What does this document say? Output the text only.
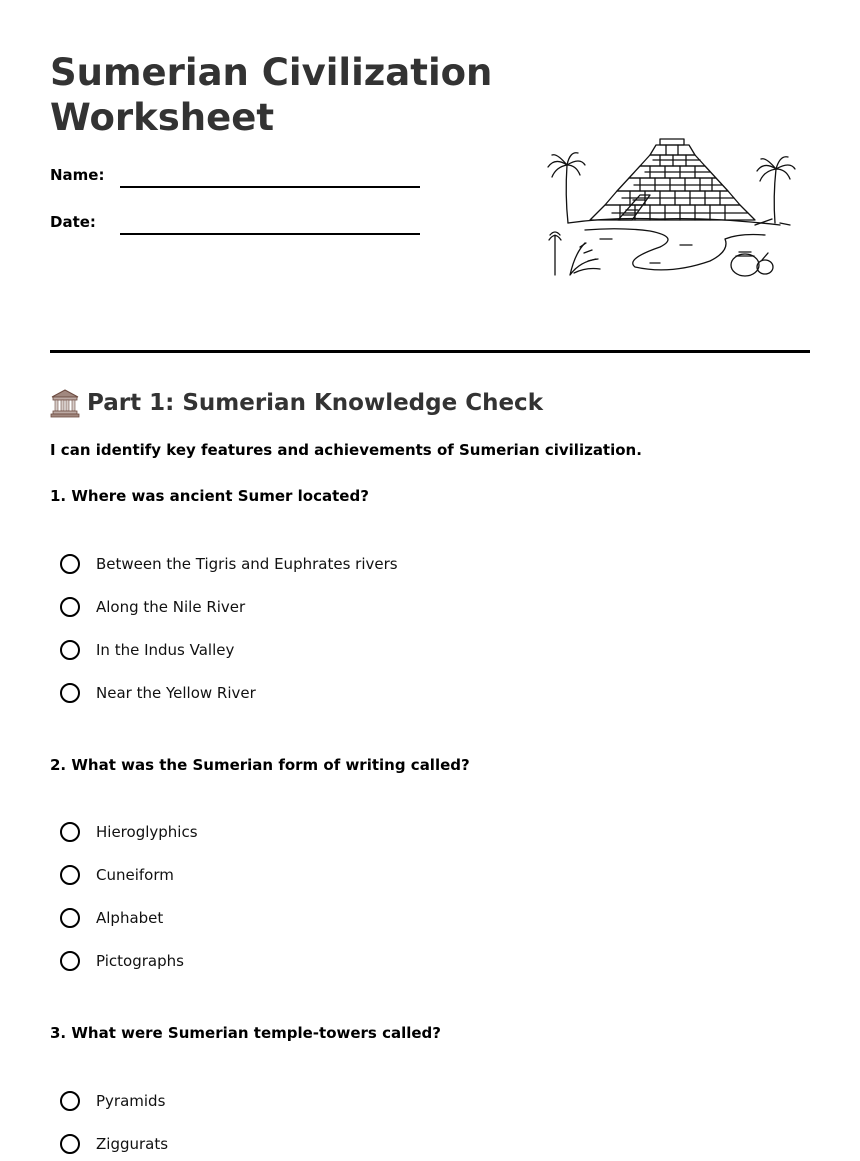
Sumerian Civilization
Worksheet
Name:
Date:
Part 1: Sumerian Knowledge Check
I can identify key features and achievements of Sumerian civilization.
1. Where was ancient Sumer located?
Between the Tigris and Euphrates rivers
Along the Nile River
In the Indus Valley
Near the Yellow River
2. What was the Sumerian form of writing called?
Hieroglyphics
Cuneiform
Alphabet
Pictographs
3. What were Sumerian temple-towers called?
Pyramids
Ziggurats
